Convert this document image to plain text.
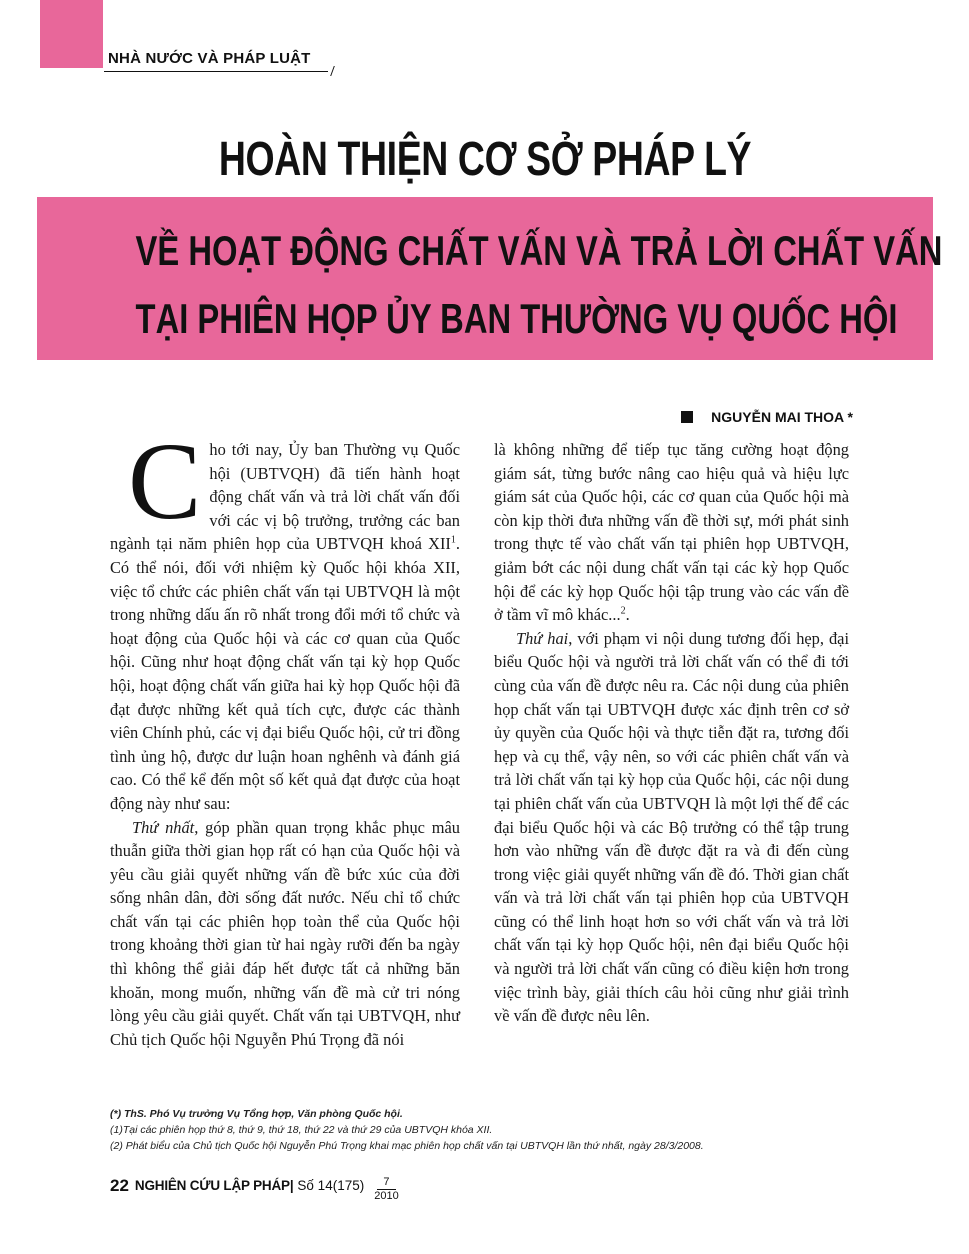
NHÀ NƯỚC VÀ PHÁP LUẬT
HOÀN THIỆN CƠ SỞ PHÁP LÝ
VỀ HOẠT ĐỘNG CHẤT VẤN VÀ TRẢ LỜI CHẤT VẤN
TẠI PHIÊN HỌP ỦY BAN THƯỜNG VỤ QUỐC HỘI
NGUYỄN MAI THOA *

Cho tới nay, Ủy ban Thường vụ Quốc hội (UBTVQH) đã tiến hành hoạt động chất vấn và trả lời chất vấn đối với các vị bộ trưởng, trưởng các ban ngành tại năm phiên họp của UBTVQH khoá XII$^1$. Có thể nói, đối với nhiệm kỳ Quốc hội khóa XII, việc tổ chức các phiên chất vấn tại UBTVQH là một trong những dấu ấn rõ nhất trong đổi mới tổ chức và hoạt động của Quốc hội và các cơ quan của Quốc hội. Cũng như hoạt động chất vấn tại kỳ họp Quốc hội, hoạt động chất vấn giữa hai kỳ họp Quốc hội đã đạt được những kết quả tích cực, được các thành viên Chính phủ, các vị đại biểu Quốc hội, cử tri đồng tình ủng hộ, được dư luận hoan nghênh và đánh giá cao. Có thể kể đến một số kết quả đạt được của hoạt động này như sau:

Thứ nhất, góp phần quan trọng khắc phục mâu thuẫn giữa thời gian họp rất có hạn của Quốc hội và yêu cầu giải quyết những vấn đề bức xúc của đời sống nhân dân, đời sống đất nước. Nếu chỉ tổ chức chất vấn tại các phiên họp toàn thể của Quốc hội trong khoảng thời gian từ hai ngày rưỡi đến ba ngày thì không thể giải đáp hết được tất cả những băn khoăn, mong muốn, những vấn đề mà cử tri nóng lòng yêu cầu giải quyết. Chất vấn tại UBTVQH, như Chủ tịch Quốc hội Nguyễn Phú Trọng đã nói

là không những để tiếp tục tăng cường hoạt động giám sát, từng bước nâng cao hiệu quả và hiệu lực giám sát của Quốc hội, các cơ quan của Quốc hội mà còn kịp thời đưa những vấn đề thời sự, mới phát sinh trong thực tế vào chất vấn tại phiên họp UBTVQH, giảm bớt các nội dung chất vấn tại các kỳ họp Quốc hội để các kỳ họp Quốc hội tập trung vào các vấn đề ở tầm vĩ mô khác...$^2$.

Thứ hai, với phạm vi nội dung tương đối hẹp, đại biểu Quốc hội và người trả lời chất vấn có thể đi tới cùng của vấn đề được nêu ra. Các nội dung của phiên họp chất vấn tại UBTVQH được xác định trên cơ sở ủy quyền của Quốc hội và thực tiễn đặt ra, tương đối hẹp và cụ thể, vậy nên, so với các phiên chất vấn và trả lời chất vấn tại kỳ họp của Quốc hội, các nội dung tại phiên chất vấn của UBTVQH là một lợi thế để các đại biểu Quốc hội và các Bộ trưởng có thể tập trung hơn vào những vấn đề được đặt ra và đi đến cùng trong việc giải quyết những vấn đề đó. Thời gian chất vấn và trả lời chất vấn tại phiên họp của UBTVQH cũng có thể linh hoạt hơn so với chất vấn và trả lời chất vấn tại kỳ họp Quốc hội, nên đại biểu Quốc hội và người trả lời chất vấn cũng có điều kiện hơn trong việc trình bày, giải thích câu hỏi cũng như giải trình về vấn đề được nêu lên.

(*) ThS. Phó Vụ trưởng Vụ Tổng hợp, Văn phòng Quốc hội.
(1)Tại các phiên họp thứ 8, thứ 9, thứ 18, thứ 22 và thứ 29 của UBTVQH khóa XII.
(2) Phát biểu của Chủ tịch Quốc hội Nguyễn Phú Trọng khai mạc phiên họp chất vấn tại UBTVQH lần thứ nhất, ngày 28/3/2008.
22 NGHIÊN CỨU LẬP PHÁP| Số 14(175)	7
2010
